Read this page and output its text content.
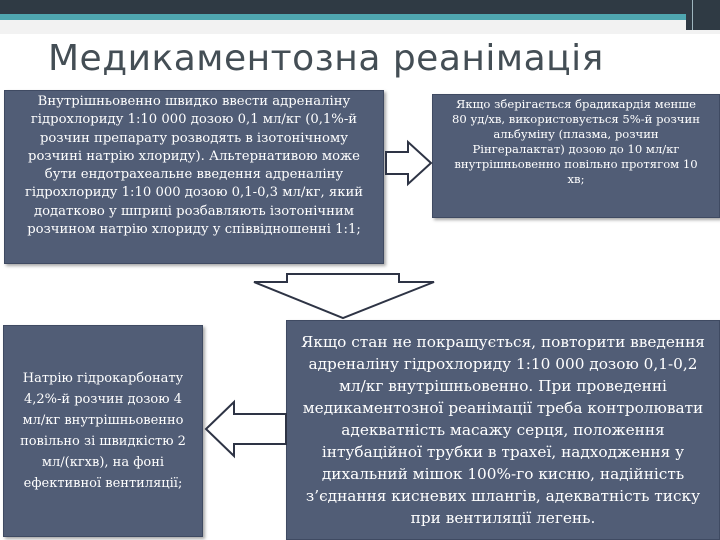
Медикаментозна реанімація

Внутрішньовенно швидко ввести адреналіну
гідрохлориду 1:10 000 дозою 0,1 мл/кг (0,1%-й
розчин препарату розводять в ізотонічному
розчині натрію хлориду). Альтернативою може
бути ендотрахеальне введення адреналіну
гідрохлориду 1:10 000 дозою 0,1-0,3 мл/кг, який
додатково у шприці розбавляють ізотонічним
розчином натрію хлориду у співвідношенні 1:1;

Якщо зберігається брадикардія менше
80 уд/хв, використовується 5%-й розчин
альбуміну (плазма, розчин
Рінгералактат) дозою до 10 мл/кг
внутрішньовенно повільно протягом 10
хв;

Натрію гідрокарбонату
4,2%-й розчин дозою 4
мл/кг внутрішньовенно
повільно зі швидкістю 2
мл/(кгхв), на фоні
ефективної вентиляції;

Якщо стан не покращується, повторити введення
адреналіну гідрохлориду 1:10 000 дозою 0,1-0,2
мл/кг внутрішньовенно. При проведенні
медикаментозної реанімації треба контролювати
адекватність масажу серця, положення
інтубаційної трубки в трахеї, надходження у
дихальний мішок 100%-го кисню, надійність
з’єднання кисневих шлангів, адекватність тиску
при вентиляції легень.
